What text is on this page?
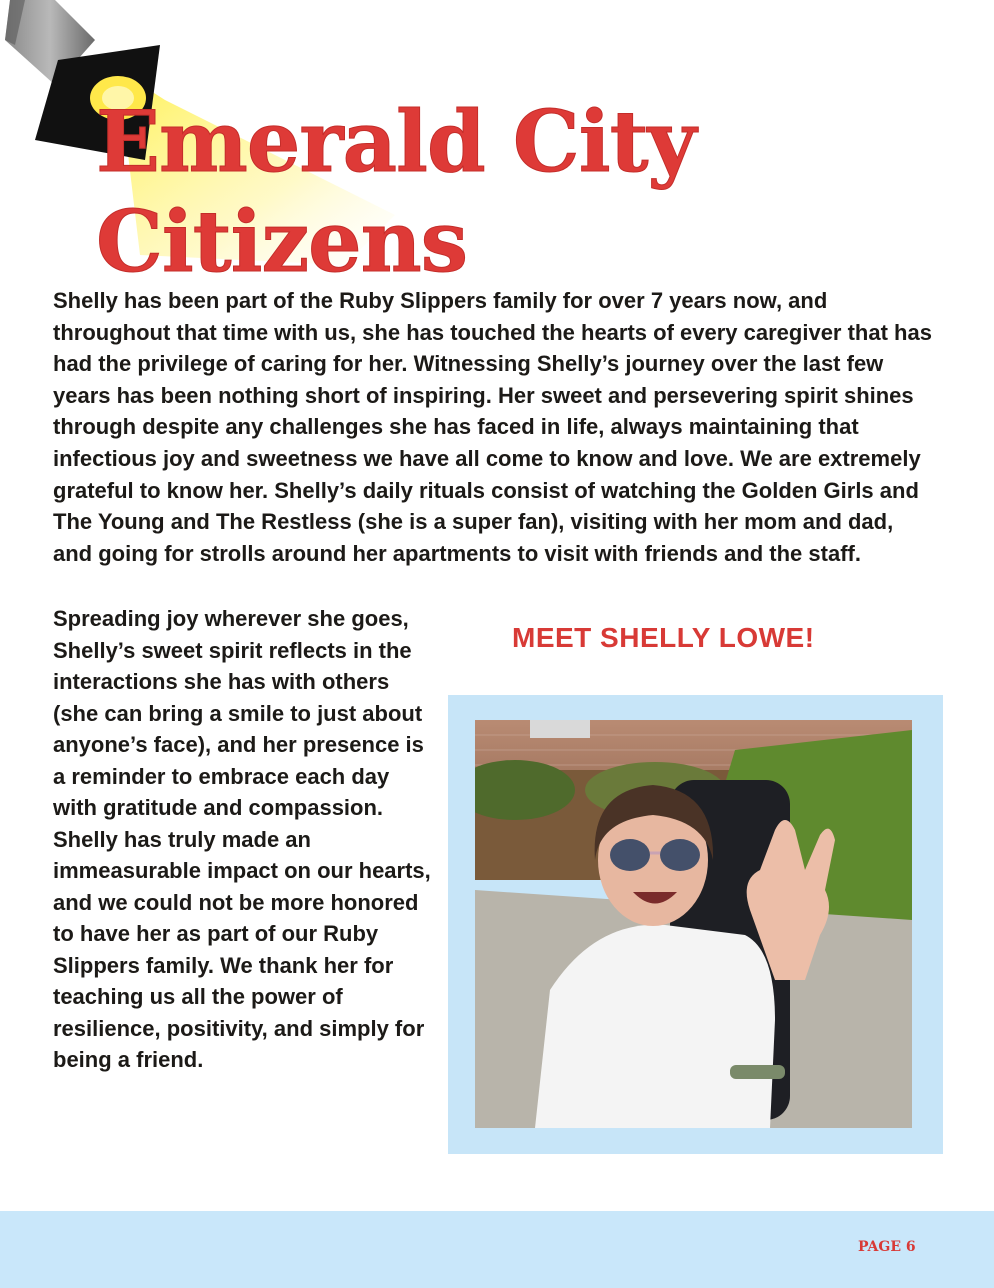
Emerald City Citizens

Shelly has been part of the Ruby Slippers family for over 7 years now, and throughout that time with us, she has touched the hearts of every caregiver that has had the privilege of caring for her. Witnessing Shelly’s journey over the last few years has been nothing short of inspiring. Her sweet and persevering spirit shines through despite any challenges she has faced in life, always maintaining that infectious joy and sweetness we have all come to know and love. We are extremely grateful to know her. Shelly’s daily rituals consist of watching the Golden Girls and The Young and The Restless (she is a super fan), visiting with her mom and dad, and going for strolls around her apartments to visit with friends and the staff.

Spreading joy wherever she goes, Shelly’s sweet spirit reflects in the interactions she has with others (she can bring a smile to just about anyone’s face), and her presence is a reminder to embrace each day with gratitude and compassion. Shelly has truly made an immeasurable impact on our hearts, and we could not be more honored to have her as part of our Ruby Slippers family. We thank her for teaching us all the power of resilience, positivity, and simply for being a friend.

MEET SHELLY LOWE!

PAGE 6
